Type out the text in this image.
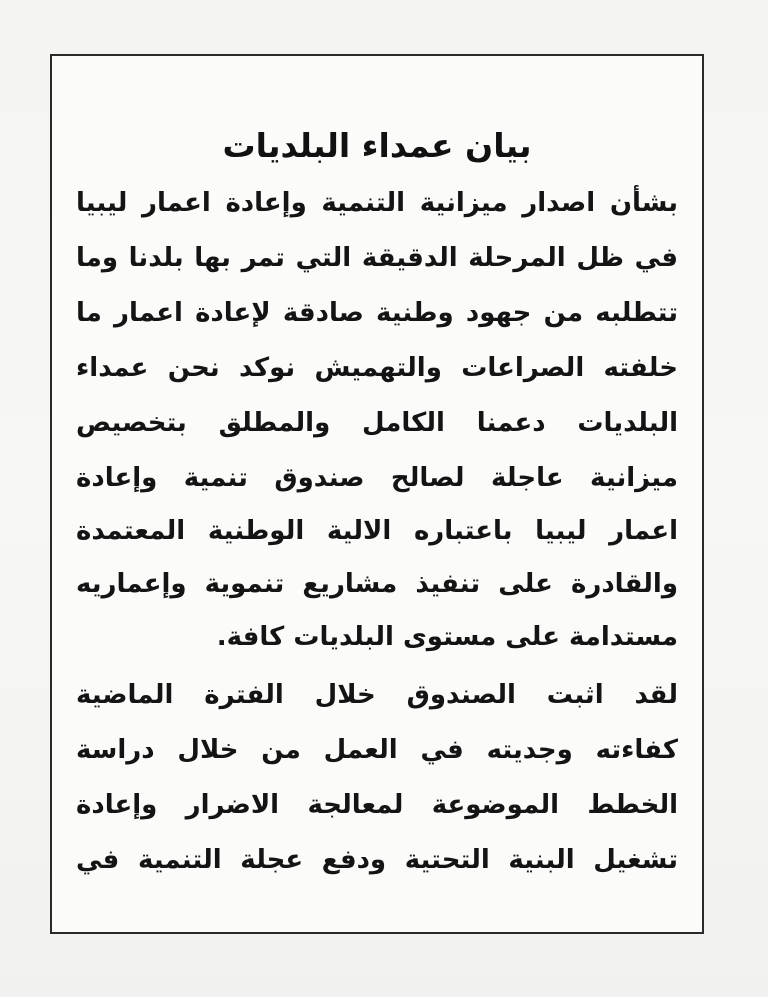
بيان عمداء البلديات
بشأن اصدار ميزانية التنمية وإعادة اعمار ليبيا
في ظل المرحلة الدقيقة التي تمر بها بلدنا وما
تتطلبه من جهود وطنية صادقة لإعادة اعمار ما
خلفته الصراعات والتهميش نوكد نحن عمداء
البلديات دعمنا الكامل والمطلق بتخصيص
ميزانية عاجلة لصالح صندوق تنمية وإعادة
اعمار ليبيا باعتباره الالية الوطنية المعتمدة
والقادرة على تنفيذ مشاريع تنموية وإعماريه
مستدامة على مستوى البلديات كافة.
لقد اثبت الصندوق خلال الفترة الماضية
كفاءته وجديته في العمل من خلال دراسة
الخطط الموضوعة لمعالجة الاضرار وإعادة
تشغيل البنية التحتية ودفع عجلة التنمية في
